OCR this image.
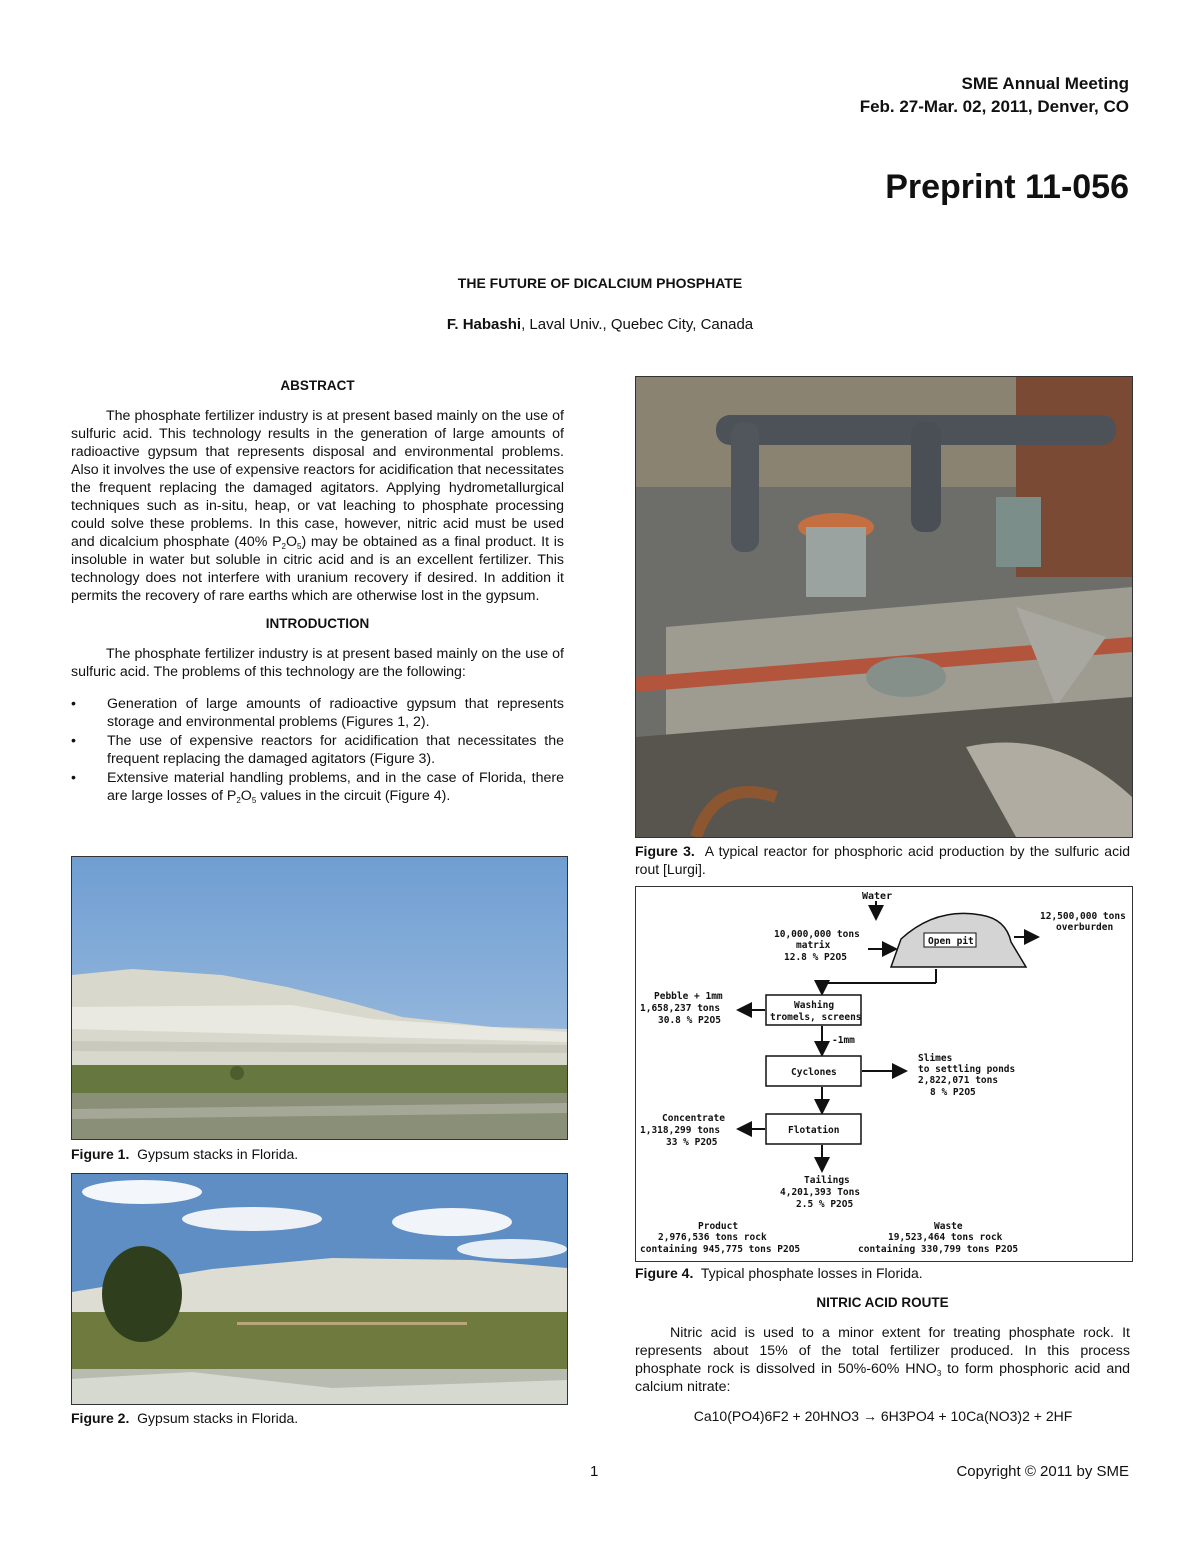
SME Annual Meeting
Feb. 27-Mar. 02, 2011, Denver, CO
Preprint 11-056
THE FUTURE OF DICALCIUM PHOSPHATE
F. Habashi, Laval Univ., Quebec City, Canada
ABSTRACT

The phosphate fertilizer industry is at present based mainly on the use of sulfuric acid. This technology results in the generation of large amounts of radioactive gypsum that represents disposal and environmental problems. Also it involves the use of expensive reactors for acidification that necessitates the frequent replacing the damaged agitators. Applying hydrometallurgical techniques such as in-situ, heap, or vat leaching to phosphate processing could solve these problems. In this case, however, nitric acid must be used and dicalcium phosphate (40% $P_2O_5$) may be obtained as a final product. It is insoluble in water but soluble in citric acid and is an excellent fertilizer. This technology does not interfere with uranium recovery if desired. In addition it permits the recovery of rare earths which are otherwise lost in the gypsum.

INTRODUCTION

The phosphate fertilizer industry is at present based mainly on the use of sulfuric acid. The problems of this technology are the following:

• Generation of large amounts of radioactive gypsum that represents storage and environmental problems (Figures 1, 2).
• The use of expensive reactors for acidification that necessitates the frequent replacing the damaged agitators (Figure 3).
• Extensive material handling problems, and in the case of Florida, there are large losses of $P_2O_5$ values in the circuit (Figure 4).
Figure 1. Gypsum stacks in Florida.
Figure 2. Gypsum stacks in Florida.
Figure 3. A typical reactor for phosphoric acid production by the sulfuric acid rout [Lurgi].
Water
Open pit
10,000,000 tons
matrix
12.8 % P2O5
12,500,000 tons
overburden
Washing
tromels, screens
Pebble + 1mm
1,658,237 tons
30.8 % P2O5
-1mm
Cyclones
Slimes
to settling ponds
2,822,071 tons
8 % P2O5
Flotation
Concentrate
1,318,299 tons
33 % P2O5
Tailings
4,201,393 Tons
2.5 % P2O5
Product
2,976,536 tons rock
containing 945,775 tons P2O5
Waste
19,523,464 tons rock
containing 330,799 tons P2O5
Figure 4. Typical phosphate losses in Florida.
NITRIC ACID ROUTE

Nitric acid is used to a minor extent for treating phosphate rock. It represents about 15% of the total fertilizer produced. In this process phosphate rock is dissolved in 50%-60% $HNO_3$ to form phosphoric acid and calcium nitrate:

Ca10(PO4)6F2 + 20HNO3 → 6H3PO4 + 10Ca(NO3)2 + 2HF
1	Copyright © 2011 by SME
